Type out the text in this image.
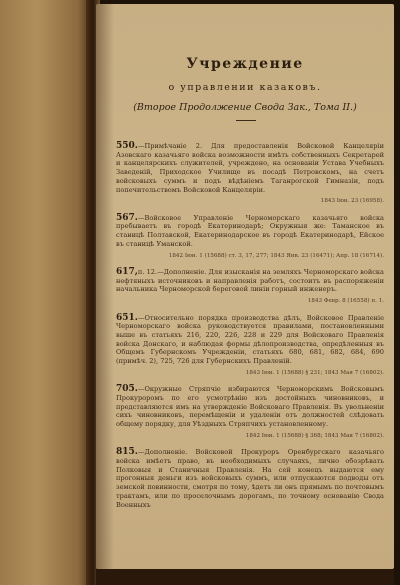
Учреждение
о управлении казаковъ.
(Второе Продолжение Свода Зак., Тома II.)

550.—Примѣчаніе 2. Для предоставленія Войсковой Канцеляріи Азовскаго казачьяго войска возможности имѣть собственныхъ Секретарей и канцелярскихъ служителей, учреждено, на основаніи Устава Учебныхъ Заведеній, Приходское Училище въ посадѣ Петровскомъ, на счетъ войсковыхъ суммъ и подъ вѣдѣніемъ Таганрогской Гимназіи, подъ попечительствомъ Войсковой Канцеляріи.

1843 Іюн. 23 (16958).

567.—Войсковое Управленіе Черноморскаго казачьяго войска пребываетъ въ городѣ Екатеринодарѣ; Окружныя же: Таманское въ станицѣ Полтавской, Екатеринодарское въ городѣ Екатеринодарѣ, Ейское въ станицѣ Уманской.

1842 Іюн. 1 (15688) ст. 3, 17, 277; 1843 Янв. 23 (16471); Апр. 18 (16714).

617,п. 12.—Дополненіе. Для изысканія на земляхъ Черноморскаго войска нефтяныхъ источниковъ и направленія работъ, состоитъ въ распоряженіи начальника Черноморской береговой линіи горный инженеръ.

1843 Февр. 8 (16558) п. 1.

651.—Относительно порядка производства дѣлъ, Войсковое Правленіе Черноморскаго войска руководствуется правилами, постановленными выше въ статьяхъ 216, 220, 226, 228 и 229 для Войсковаго Правленія войска Донскаго, и наблюдая формы дѣлопроизводства, опредѣленныя въ Общемъ Губернскомъ Учрежденіи, статьяхъ 680, 681, 682, 684, 690 (примѣч. 2), 725, 726 для Губернскихъ Правленій.

1843 Іюн. 1 (15688) § 231; 1843 Мая 7 (16802).

705.—Окружные Стряпчіе избираются Черноморскимъ Войсковымъ Прокуроромъ по его усмотрѣнію изъ достойныхъ чиновниковъ, и представляются имъ на утвержденіе Войсковаго Правленія. Въ увольненіи сихъ чиновниковъ, перемѣщеніи и удаленіи отъ должностей слѣдовать общему порядку, для Уѣздныхъ Стряпчихъ установленному.

1842 Іюн. 1 (15688) § 368; 1843 Мая 7 (16802).

815.—Дополненіе. Войсковой Прокуроръ Оренбургскаго казачьяго войска имѣетъ право, въ необходимыхъ случаяхъ, лично обозрѣвать Полковыя и Станичныя Правленія. На сей конецъ выдаются ему прогонныя деньги изъ войсковыхъ суммъ, или отпускаются подводы отъ земской повинности, смотря по тому, ѣдетъ ли онъ прямымъ по почтовымъ трактамъ, или по проселочнымъ дорогамъ, по точному основанію Свода Военныхъ
